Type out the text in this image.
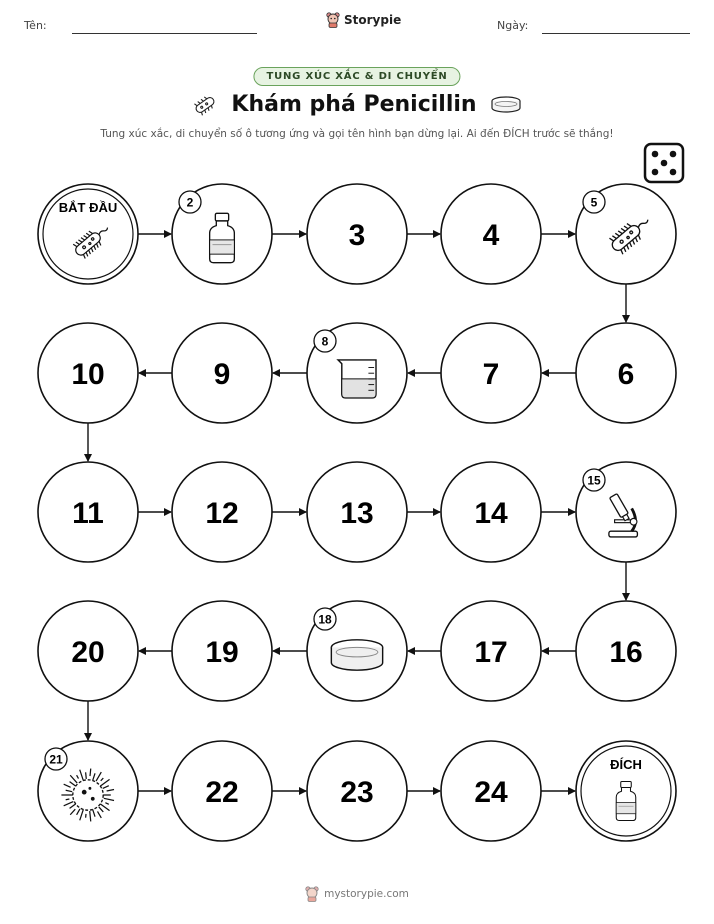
Tên:	Storypie	Ngày:
TUNG XÚC XẮC & DI CHUYỂN
Khám phá Penicillin
Tung xúc xắc, di chuyển số ô tương ứng và gọi tên hình bạn dừng lại. Ai đến ĐÍCH trước sẽ thắng!
BẮT ĐẦU	2
3	4
5
6
7
8
9
10
11	12	13	14
15
16
17
18
19
20
21
22	23	24
ĐÍCH
mystorypie.com
